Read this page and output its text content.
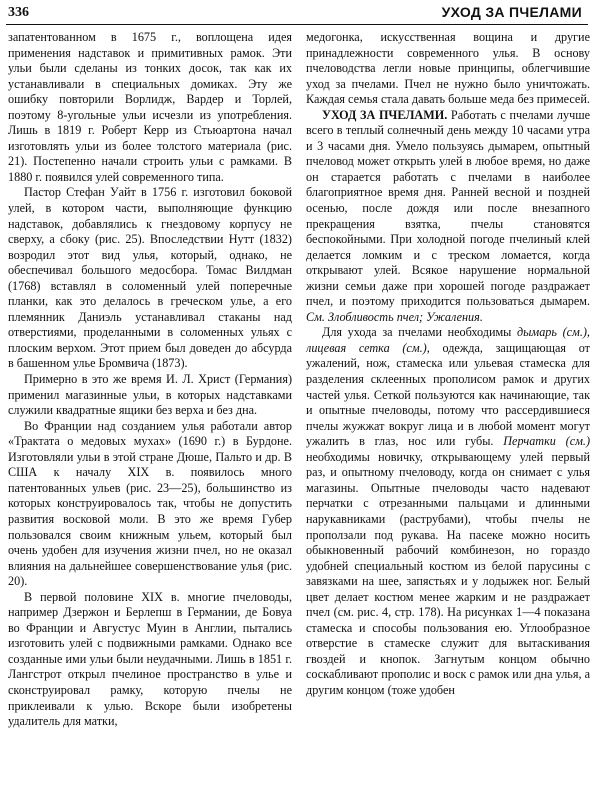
336	УХОД ЗА ПЧЕЛАМИ

запатентованном в 1675 г., воплощена идея применения надставок и примитивных рамок. Эти ульи были сделаны из тонких досок, так как их устанавливали в специальных домиках. Эту же ошибку повторили Ворлидж, Вардер и Торлей, поэтому 8-угольные ульи исчезли из употребления. Лишь в 1819 г. Роберт Керр из Стьюартона начал изготовлять ульи из более толстого материала (рис. 21). Постепенно начали строить ульи с рамками. В 1880 г. появился улей современного типа.

Пастор Стефан Уайт в 1756 г. изготовил боковой улей, в котором части, выполняющие функцию надставок, добавлялись к гнездовому корпусу не сверху, а сбоку (рис. 25). Впоследствии Нутт (1832) возродил этот вид улья, который, однако, не обеспечивал большого медосбора. Томас Вилдман (1768) вставлял в соломенный улей поперечные планки, как это делалось в греческом улье, а его племянник Даниэль устанавливал стаканы над отверстиями, проделанными в соломенных ульях с плоским верхом. Этот прием был доведен до абсурда в башенном улье Бромвича (1873).

Примерно в это же время И. Л. Христ (Германия) применил магазинные ульи, в которых надставками служили квадратные ящики без верха и без дна.

Во Франции над созданием улья работали автор «Трактата о медовых мухах» (1690 г.) в Бурдоне. Изготовляли ульи в этой стране Дюше, Пальто и др. В США к началу XIX в. появилось много патентованных ульев (рис. 23—25), большинство из которых конструировалось так, чтобы не допустить развития восковой моли. В это же время Губер пользовался своим книжным ульем, который был очень удобен для изучения жизни пчел, но не оказал влияния на дальнейшее совершенствование улья (рис. 20).

В первой половине XIX в. многие пчеловоды, например Дзержон и Берлепш в Германии, де Бовуа во Франции и Августус Муин в Англии, пытались изготовить улей с подвижными рамками. Однако все созданные ими ульи были неудачными. Лишь в 1851 г. Лангстрот открыл пчелиное пространство в улье и сконструировал рамку, которую пчелы не приклеивали к улью. Вскоре были изобретены удалитель для матки,

медогонка, искусственная вощина и другие принадлежности современного улья. В основу пчеловодства легли новые принципы, облегчившие уход за пчелами. Пчел не нужно было уничтожать. Каждая семья стала давать больше меда без примесей.

УХОД ЗА ПЧЕЛАМИ. Работать с пчелами лучше всего в теплый солнечный день между 10 часами утра и 3 часами дня. Умело пользуясь дымарем, опытный пчеловод может открыть улей в любое время, но даже он старается работать с пчелами в наиболее благоприятное время дня. Ранней весной и поздней осенью, после дождя или после внезапного прекращения взятка, пчелы становятся беспокойными. При холодной погоде пчелиный клей делается ломким и с треском ломается, когда открывают улей. Всякое нарушение нормальной жизни семьи даже при хорошей погоде раздражает пчел, и поэтому приходится пользоваться дымарем. См. Злобливость пчел; Ужаления.

Для ухода за пчелами необходимы дымарь (см.), лицевая сетка (см.), одежда, защищающая от ужалений, нож, стамеска или ульевая стамеска для разделения склеенных прополисом рамок и других частей улья. Сеткой пользуются как начинающие, так и опытные пчеловоды, потому что рассердившиеся пчелы жужжат вокруг лица и в любой момент могут ужалить в глаз, нос или губы. Перчатки (см.) необходимы новичку, открывающему улей первый раз, и опытному пчеловоду, когда он снимает с улья магазины. Опытные пчеловоды часто надевают перчатки с отрезанными пальцами и длинными нарукавниками (раструбами), чтобы пчелы не проползали под рукава. На пасеке можно носить обыкновенный рабочий комбинезон, но гораздо удобней специальный костюм из белой парусины с завязками на шее, запястьях и у лодыжек ног. Белый цвет делает костюм менее жарким и не раздражает пчел (см. рис. 4, стр. 178). На рисунках 1—4 показана стамеска и способы пользования ею. Углообразное отверстие в стамеске служит для вытаскивания гвоздей и кнопок. Загнутым концом обычно соскабливают прополис и воск с рамок или дна улья, а другим концом (тоже удобен
